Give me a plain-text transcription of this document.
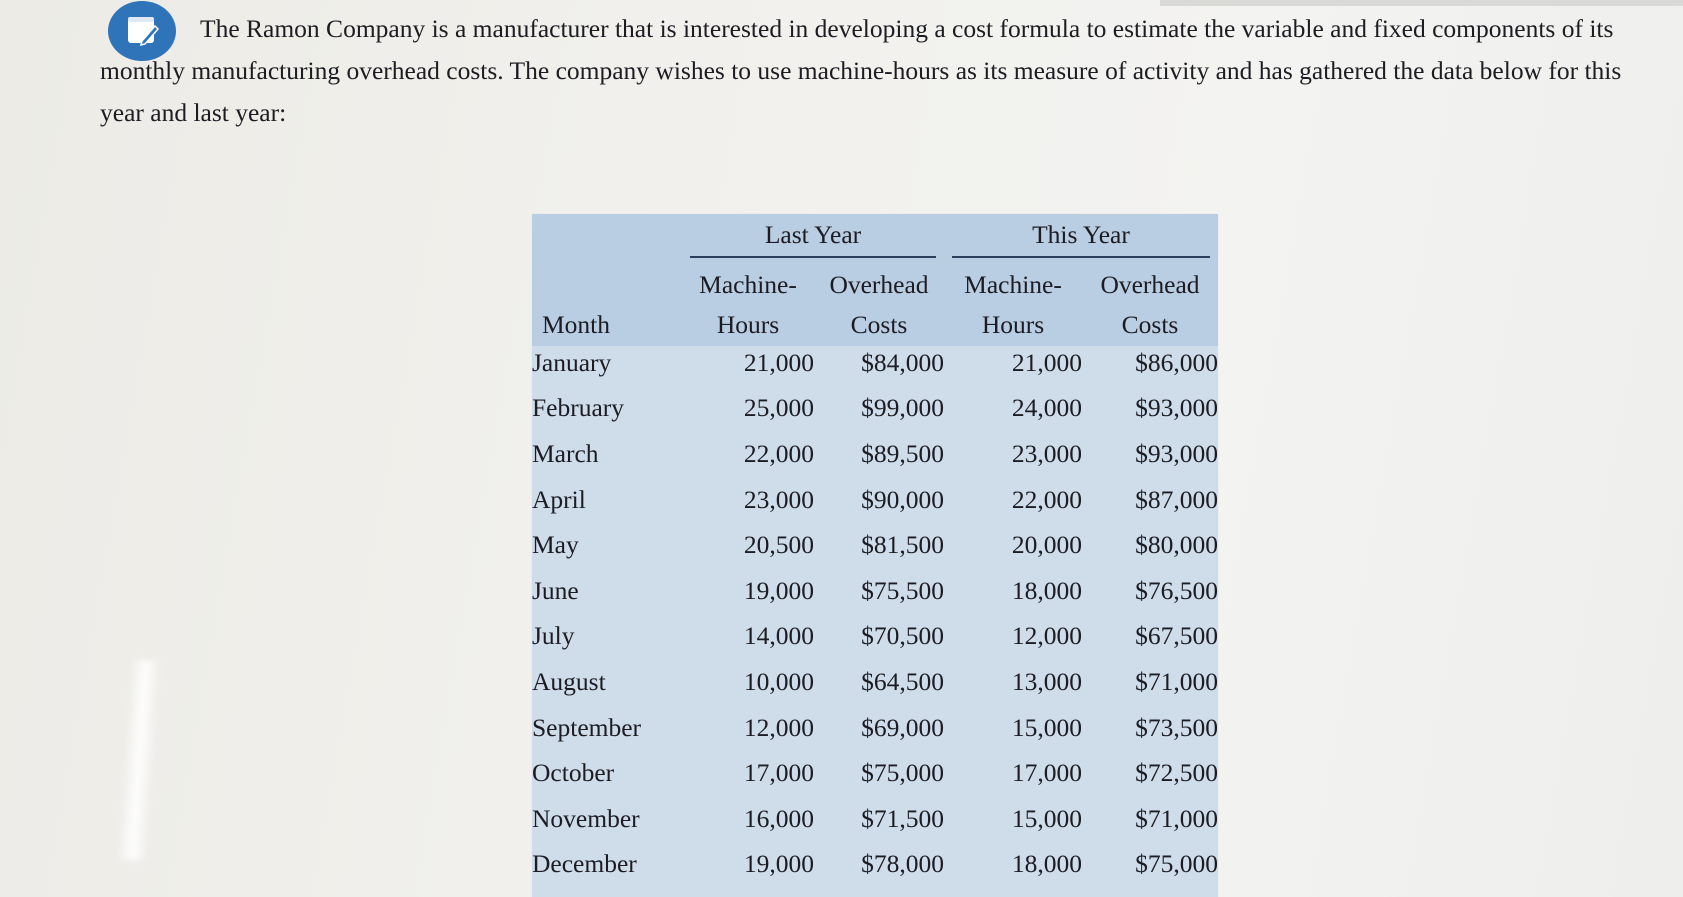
The Ramon Company is a manufacturer that is interested in developing a cost formula to estimate the variable and fixed components of its monthly manufacturing overhead costs. The company wishes to use machine-hours as its measure of activity and has gathered the data below for this year and last year:

	Last Year		This Year	

	Machine-	Overhead	Machine-	Overhead
Month	Hours	Costs	Hours	Costs
January	21,000	$84,000	21,000	$86,000
February	25,000	$99,000	24,000	$93,000
March	22,000	$89,500	23,000	$93,000
April	23,000	$90,000	22,000	$87,000
May	20,500	$81,500	20,000	$80,000
June	19,000	$75,500	18,000	$76,500
July	14,000	$70,500	12,000	$67,500
August	10,000	$64,500	13,000	$71,000
September	12,000	$69,000	15,000	$73,500
October	17,000	$75,000	17,000	$72,500
November	16,000	$71,500	15,000	$71,000
December	19,000	$78,000	18,000	$75,000
